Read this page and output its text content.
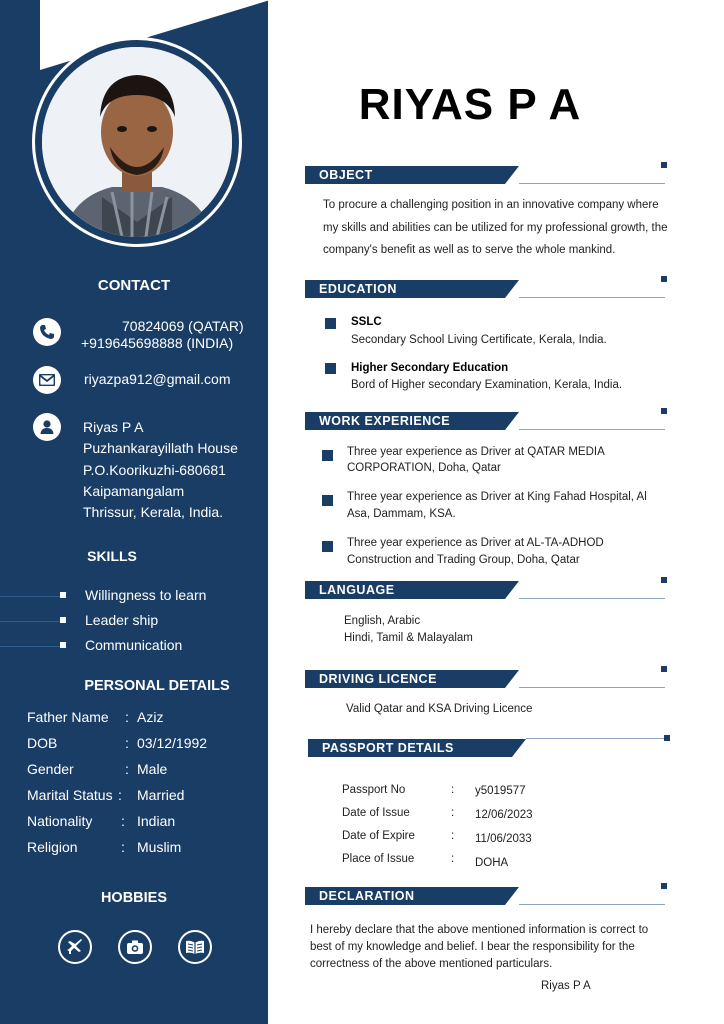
CONTACT
70824069 (QATAR)
+919645698888 (INDIA)
riyazpa912@gmail.com
Riyas P A
Puzhankarayillath House
P.O.Koorikuzhi-680681
Kaipamangalam
Thrissur, Kerala, India.
SKILLS
Willingness to learn
Leader ship
Communication
PERSONAL DETAILS
Father Name : Aziz
DOB	: 03/12/1992
Gender	: Male
Marital Status : Married
Nationality : Indian
Religion	: Muslim
HOBBIES
RIYAS P A
OBJECT
To procure a challenging position in an innovative company where
my skills and abilities can be utilized for my professional growth, the
company's benefit as well as to serve the whole mankind.
EDUCATION
SSLC
Secondary School Living Certificate, Kerala, India.
Higher Secondary Education
Bord of Higher secondary Examination, Kerala, India.
WORK EXPERIENCE
Three year experience as Driver at QATAR MEDIA
CORPORATION, Doha, Qatar
Three year experience as Driver at King Fahad Hospital, Al
Asa, Dammam, KSA.
Three year experience as Driver at AL-TA-ADHOD
Construction and Trading Group, Doha, Qatar
LANGUAGE
English, Arabic
Hindi, Tamil & Malayalam
DRIVING LICENCE
Valid Qatar and KSA Driving Licence
PASSPORT DETAILS
Passport No	: y5019577
Date of Issue	: 12/06/2023
Date of Expire	: 11/06/2033
Place of Issue	: DOHA
DECLARATION
I hereby declare that the above mentioned information is correct to
best of my knowledge and belief. I bear the responsibility for the
correctness of the above mentioned particulars.
Riyas P A
